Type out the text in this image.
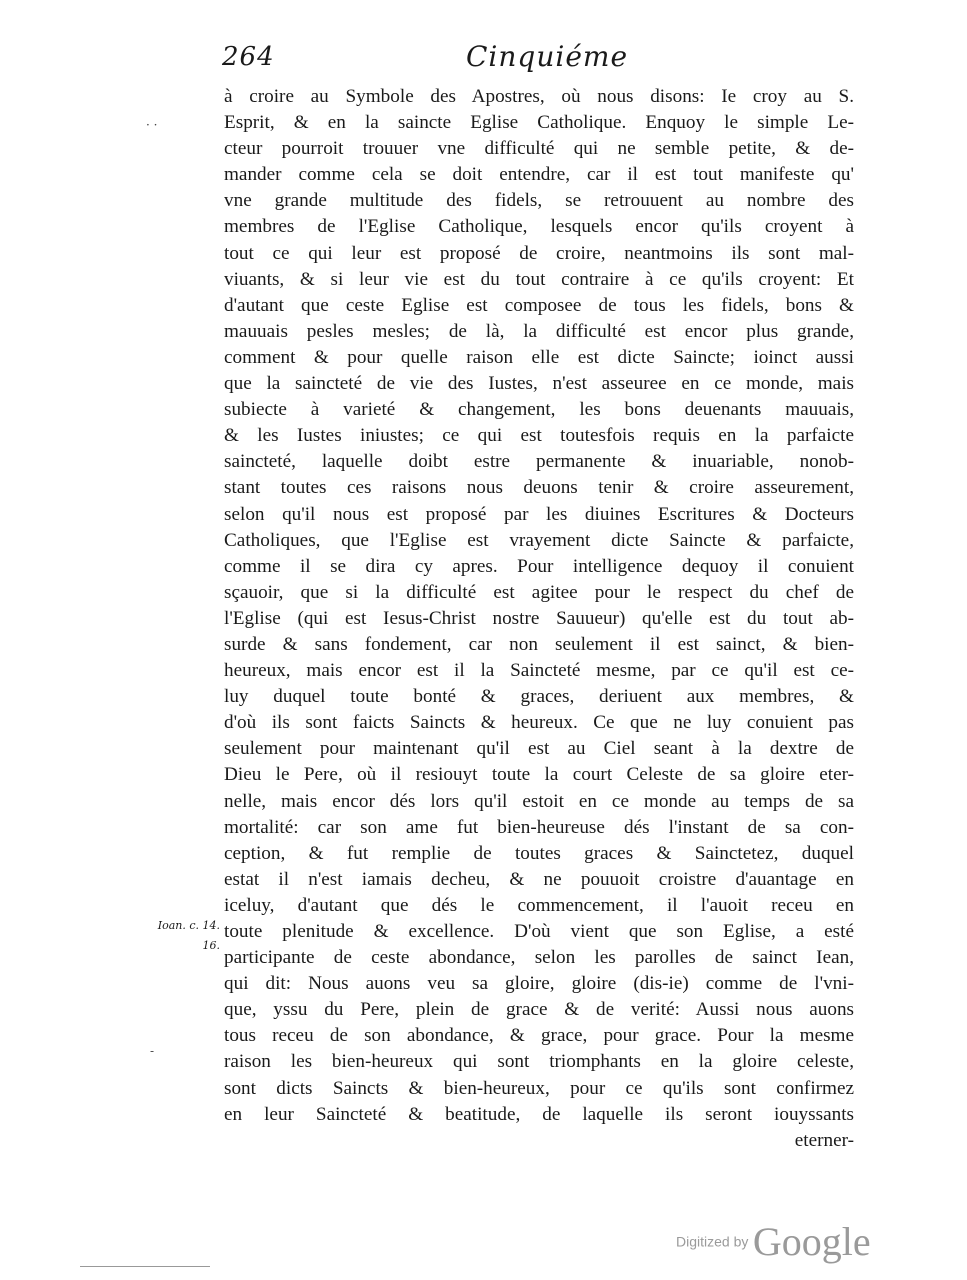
264	Cinquiéme
à croire au Symbole des Apostres, où nous disons: Ie croy au S.
Esprit, & en la saincte Eglise Catholique. Enquoy le simple Le-
cteur pourroit trouuer vne difficulté qui ne semble petite, & de-
mander comme cela se doit entendre, car il est tout manifeste qu'
vne grande multitude des fidels, se retrouuent au nombre des
membres de l'Eglise Catholique, lesquels encor qu'ils croyent à
tout ce qui leur est proposé de croire, neantmoins ils sont mal-
viuants, & si leur vie est du tout contraire à ce qu'ils croyent: Et
d'autant que ceste Eglise est composee de tous les fidels, bons &
mauuais pesles mesles; de là, la difficulté est encor plus grande,
comment & pour quelle raison elle est dicte Saincte; ioinct aussi
que la saincteté de vie des Iustes, n'est asseuree en ce monde, mais
subiecte à varieté & changement, les bons deuenants mauuais,
& les Iustes iniustes; ce qui est toutesfois requis en la parfaicte
saincteté, laquelle doibt estre permanente & inuariable, nonob-
stant toutes ces raisons nous deuons tenir & croire asseurement,
selon qu'il nous est proposé par les diuines Escritures & Docteurs
Catholiques, que l'Eglise est vrayement dicte Saincte & parfaicte,
comme il se dira cy apres. Pour intelligence dequoy il conuient
sçauoir, que si la difficulté est agitee pour le respect du chef de
l'Eglise (qui est Iesus-Christ nostre Sauueur) qu'elle est du tout ab-
surde & sans fondement, car non seulement il est sainct, & bien-
heureux, mais encor est il la Saincteté mesme, par ce qu'il est ce-
luy duquel toute bonté & graces, deriuent aux membres, &
d'où ils sont faicts Saincts & heureux. Ce que ne luy conuient pas
seulement pour maintenant qu'il est au Ciel seant à la dextre de
Dieu le Pere, où il resiouyt toute la court Celeste de sa gloire eter-
nelle, mais encor dés lors qu'il estoit en ce monde au temps de sa
mortalité: car son ame fut bien-heureuse dés l'instant de sa con-
ception, & fut remplie de toutes graces & Sainctetez, duquel
estat il n'est iamais decheu, & ne pouuoit croistre d'auantage en
iceluy, d'autant que dés le commencement, il l'auoit receu en
toute plenitude & excellence. D'où vient que son Eglise, a esté
participante de ceste abondance, selon les parolles de sainct Iean,
qui dit: Nous auons veu sa gloire, gloire (dis-ie) comme de l'vni-
que, yssu du Pere, plein de grace & de verité: Aussi nous auons
tous receu de son abondance, & grace, pour grace. Pour la mesme
raison les bien-heureux qui sont triomphants en la gloire celeste,
sont dicts Saincts & bien-heureux, pour ce qu'ils sont confirmez
en leur Saincteté & beatitude, de laquelle ils seront iouyssants
eterner-
Ioan. c. 14.
16.
· ·
-
Digitized by Google
